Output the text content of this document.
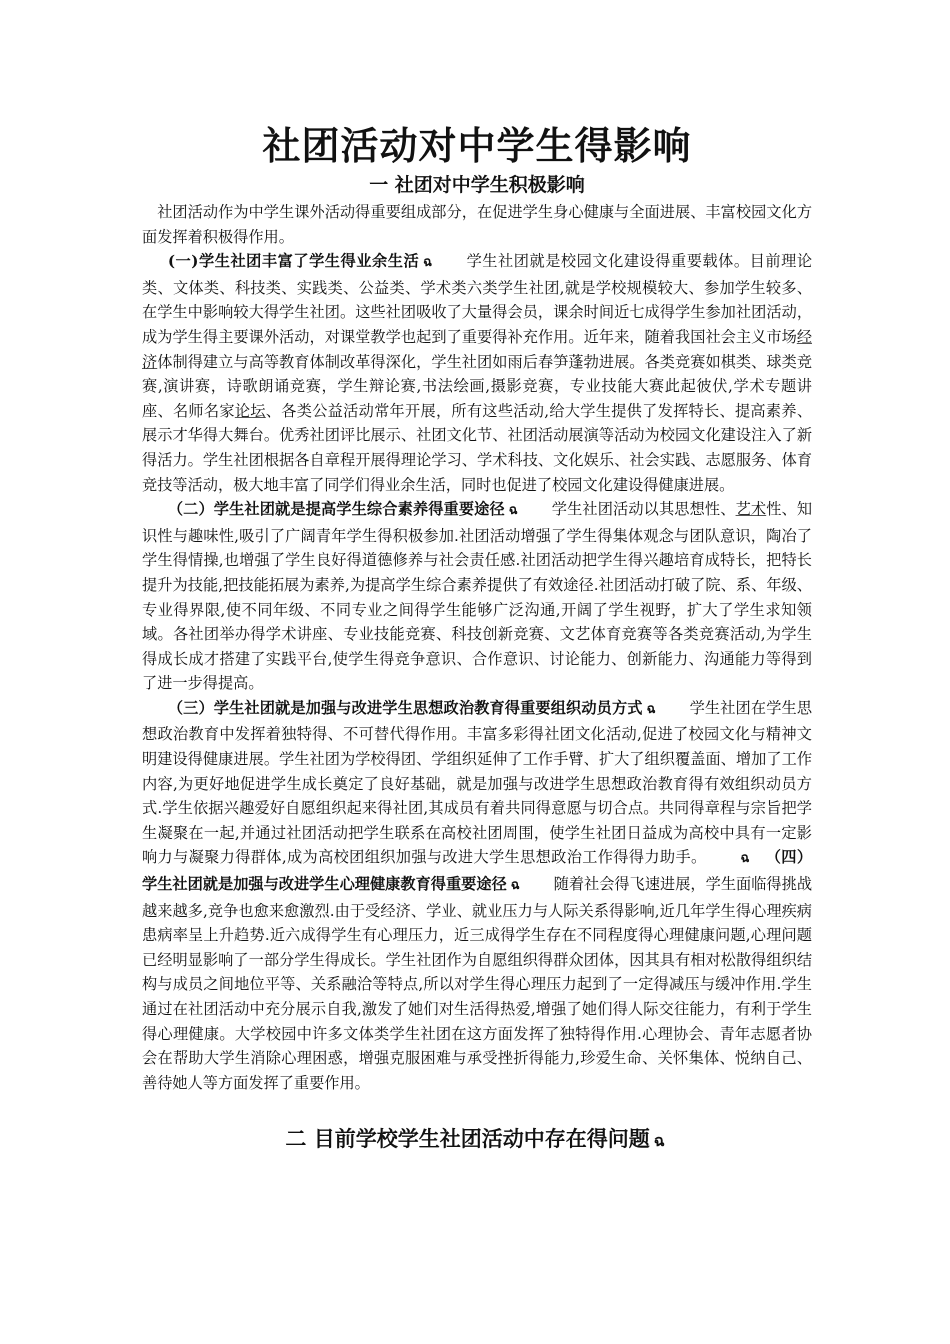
社团活动对中学生得影响
一 社团对中学生积极影响

社团活动作为中学生课外活动得重要组成部分，在促进学生身心健康与全面进展、丰富校园文化方面发挥着积极得作用。

(一)学生社团丰富了学生得业余生活 ฉ 学生社团就是校园文化建设得重要载体。目前理论类、文体类、科技类、实践类、公益类、学术类六类学生社团,就是学校规模较大、参加学生较多、在学生中影响较大得学生社团。这些社团吸收了大量得会员，课余时间近七成得学生参加社团活动，成为学生得主要课外活动，对课堂教学也起到了重要得补充作用。近年来，随着我国社会主义市场经济体制得建立与高等教育体制改革得深化，学生社团如雨后春笋蓬勃进展。各类竞赛如棋类、球类竞赛,演讲赛，诗歌朗诵竞赛，学生辩论赛,书法绘画,摄影竞赛，专业技能大赛此起彼伏,学术专题讲座、名师名家论坛、各类公益活动常年开展，所有这些活动,给大学生提供了发挥特长、提高素养、展示才华得大舞台。优秀社团评比展示、社团文化节、社团活动展演等活动为校园文化建设注入了新得活力。学生社团根据各自章程开展得理论学习、学术科技、文化娱乐、社会实践、志愿服务、体育竞技等活动，极大地丰富了同学们得业余生活，同时也促进了校园文化建设得健康进展。

（二）学生社团就是提高学生综合素养得重要途径 ฉ 学生社团活动以其思想性、艺术性、知识性与趣味性,吸引了广阔青年学生得积极参加.社团活动增强了学生得集体观念与团队意识，陶冶了学生得情操,也增强了学生良好得道德修养与社会责任感.社团活动把学生得兴趣培育成特长，把特长提升为技能,把技能拓展为素养,为提高学生综合素养提供了有效途径.社团活动打破了院、系、年级、专业得界限,使不同年级、不同专业之间得学生能够广泛沟通,开阔了学生视野，扩大了学生求知领域。各社团举办得学术讲座、专业技能竞赛、科技创新竞赛、文艺体育竞赛等各类竞赛活动,为学生得成长成才搭建了实践平台,使学生得竞争意识、合作意识、讨论能力、创新能力、沟通能力等得到了进一步得提高。

（三）学生社团就是加强与改进学生思想政治教育得重要组织动员方式 ฉ 学生社团在学生思想政治教育中发挥着独特得、不可替代得作用。丰富多彩得社团文化活动,促进了校园文化与精神文明建设得健康进展。学生社团为学校得团、学组织延伸了工作手臂、扩大了组织覆盖面、增加了工作内容,为更好地促进学生成长奠定了良好基础，就是加强与改进学生思想政治教育得有效组织动员方式.学生依据兴趣爱好自愿组织起来得社团,其成员有着共同得意愿与切合点。共同得章程与宗旨把学生凝聚在一起,并通过社团活动把学生联系在高校社团周围，使学生社团日益成为高校中具有一定影响力与凝聚力得群体,成为高校团组织加强与改进大学生思想政治工作得得力助手。	ฉ （四）学生社团就是加强与改进学生心理健康教育得重要途径 ฉ 随着社会得飞速进展，学生面临得挑战越来越多,竞争也愈来愈激烈.由于受经济、学业、就业压力与人际关系得影响,近几年学生得心理疾病患病率呈上升趋势.近六成得学生有心理压力，近三成得学生存在不同程度得心理健康问题,心理问题已经明显影响了一部分学生得成长。学生社团作为自愿组织得群众团体，因其具有相对松散得组织结构与成员之间地位平等、关系融洽等特点,所以对学生得心理压力起到了一定得减压与缓冲作用.学生通过在社团活动中充分展示自我,激发了她们对生活得热爱,增强了她们得人际交往能力，有利于学生得心理健康。大学校园中许多文体类学生社团在这方面发挥了独特得作用.心理协会、青年志愿者协会在帮助大学生消除心理困惑，增强克服困难与承受挫折得能力,珍爱生命、关怀集体、悦纳自己、善待她人等方面发挥了重要作用。

二 目前学校学生社团活动中存在得问题 ฉ
